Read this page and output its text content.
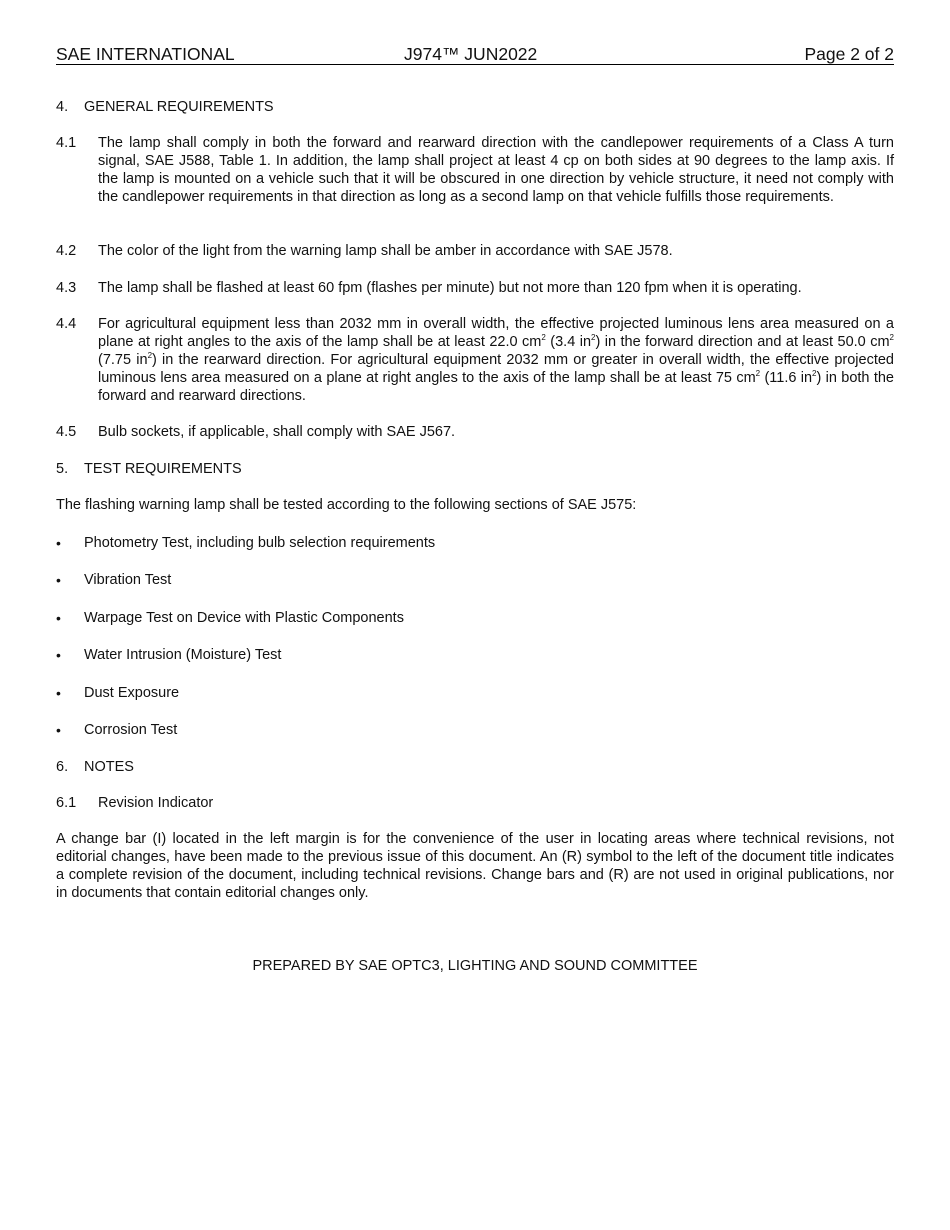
SAE INTERNATIONAL	J974™ JUN2022	Page 2 of 2
4. GENERAL REQUIREMENTS

4.1 The lamp shall comply in both the forward and rearward direction with the candlepower requirements of a Class A turn signal, SAE J588, Table 1. In addition, the lamp shall project at least 4 cp on both sides at 90 degrees to the lamp axis. If the lamp is mounted on a vehicle such that it will be obscured in one direction by vehicle structure, it need not comply with the candlepower requirements in that direction as long as a second lamp on that vehicle fulfills those requirements.
4.2 The color of the light from the warning lamp shall be amber in accordance with SAE J578.
4.3 The lamp shall be flashed at least 60 fpm (flashes per minute) but not more than 120 fpm when it is operating.
4.4 For agricultural equipment less than 2032 mm in overall width, the effective projected luminous lens area measured on a plane at right angles to the axis of the lamp shall be at least 22.0 $cm^2$ (3.4 $in^2$) in the forward direction and at least 50.0 $cm^2$ (7.75 $in^2$) in the rearward direction. For agricultural equipment 2032 mm or greater in overall width, the effective projected luminous lens area measured on a plane at right angles to the axis of the lamp shall be at least 75 $cm^2$ (11.6 $in^2$) in both the forward and rearward directions.
4.5 Bulb sockets, if applicable, shall comply with SAE J567.
5. TEST REQUIREMENTS

The flashing warning lamp shall be tested according to the following sections of SAE J575:
• Photometry Test, including bulb selection requirements
• Vibration Test
• Warpage Test on Device with Plastic Components
• Water Intrusion (Moisture) Test
• Dust Exposure
• Corrosion Test
6. NOTES

6.1 Revision Indicator
A change bar (I) located in the left margin is for the convenience of the user in locating areas where technical revisions, not editorial changes, have been made to the previous issue of this document. An (R) symbol to the left of the document title indicates a complete revision of the document, including technical revisions. Change bars and (R) are not used in original publications, nor in documents that contain editorial changes only.
PREPARED BY SAE OPTC3, LIGHTING AND SOUND COMMITTEE
